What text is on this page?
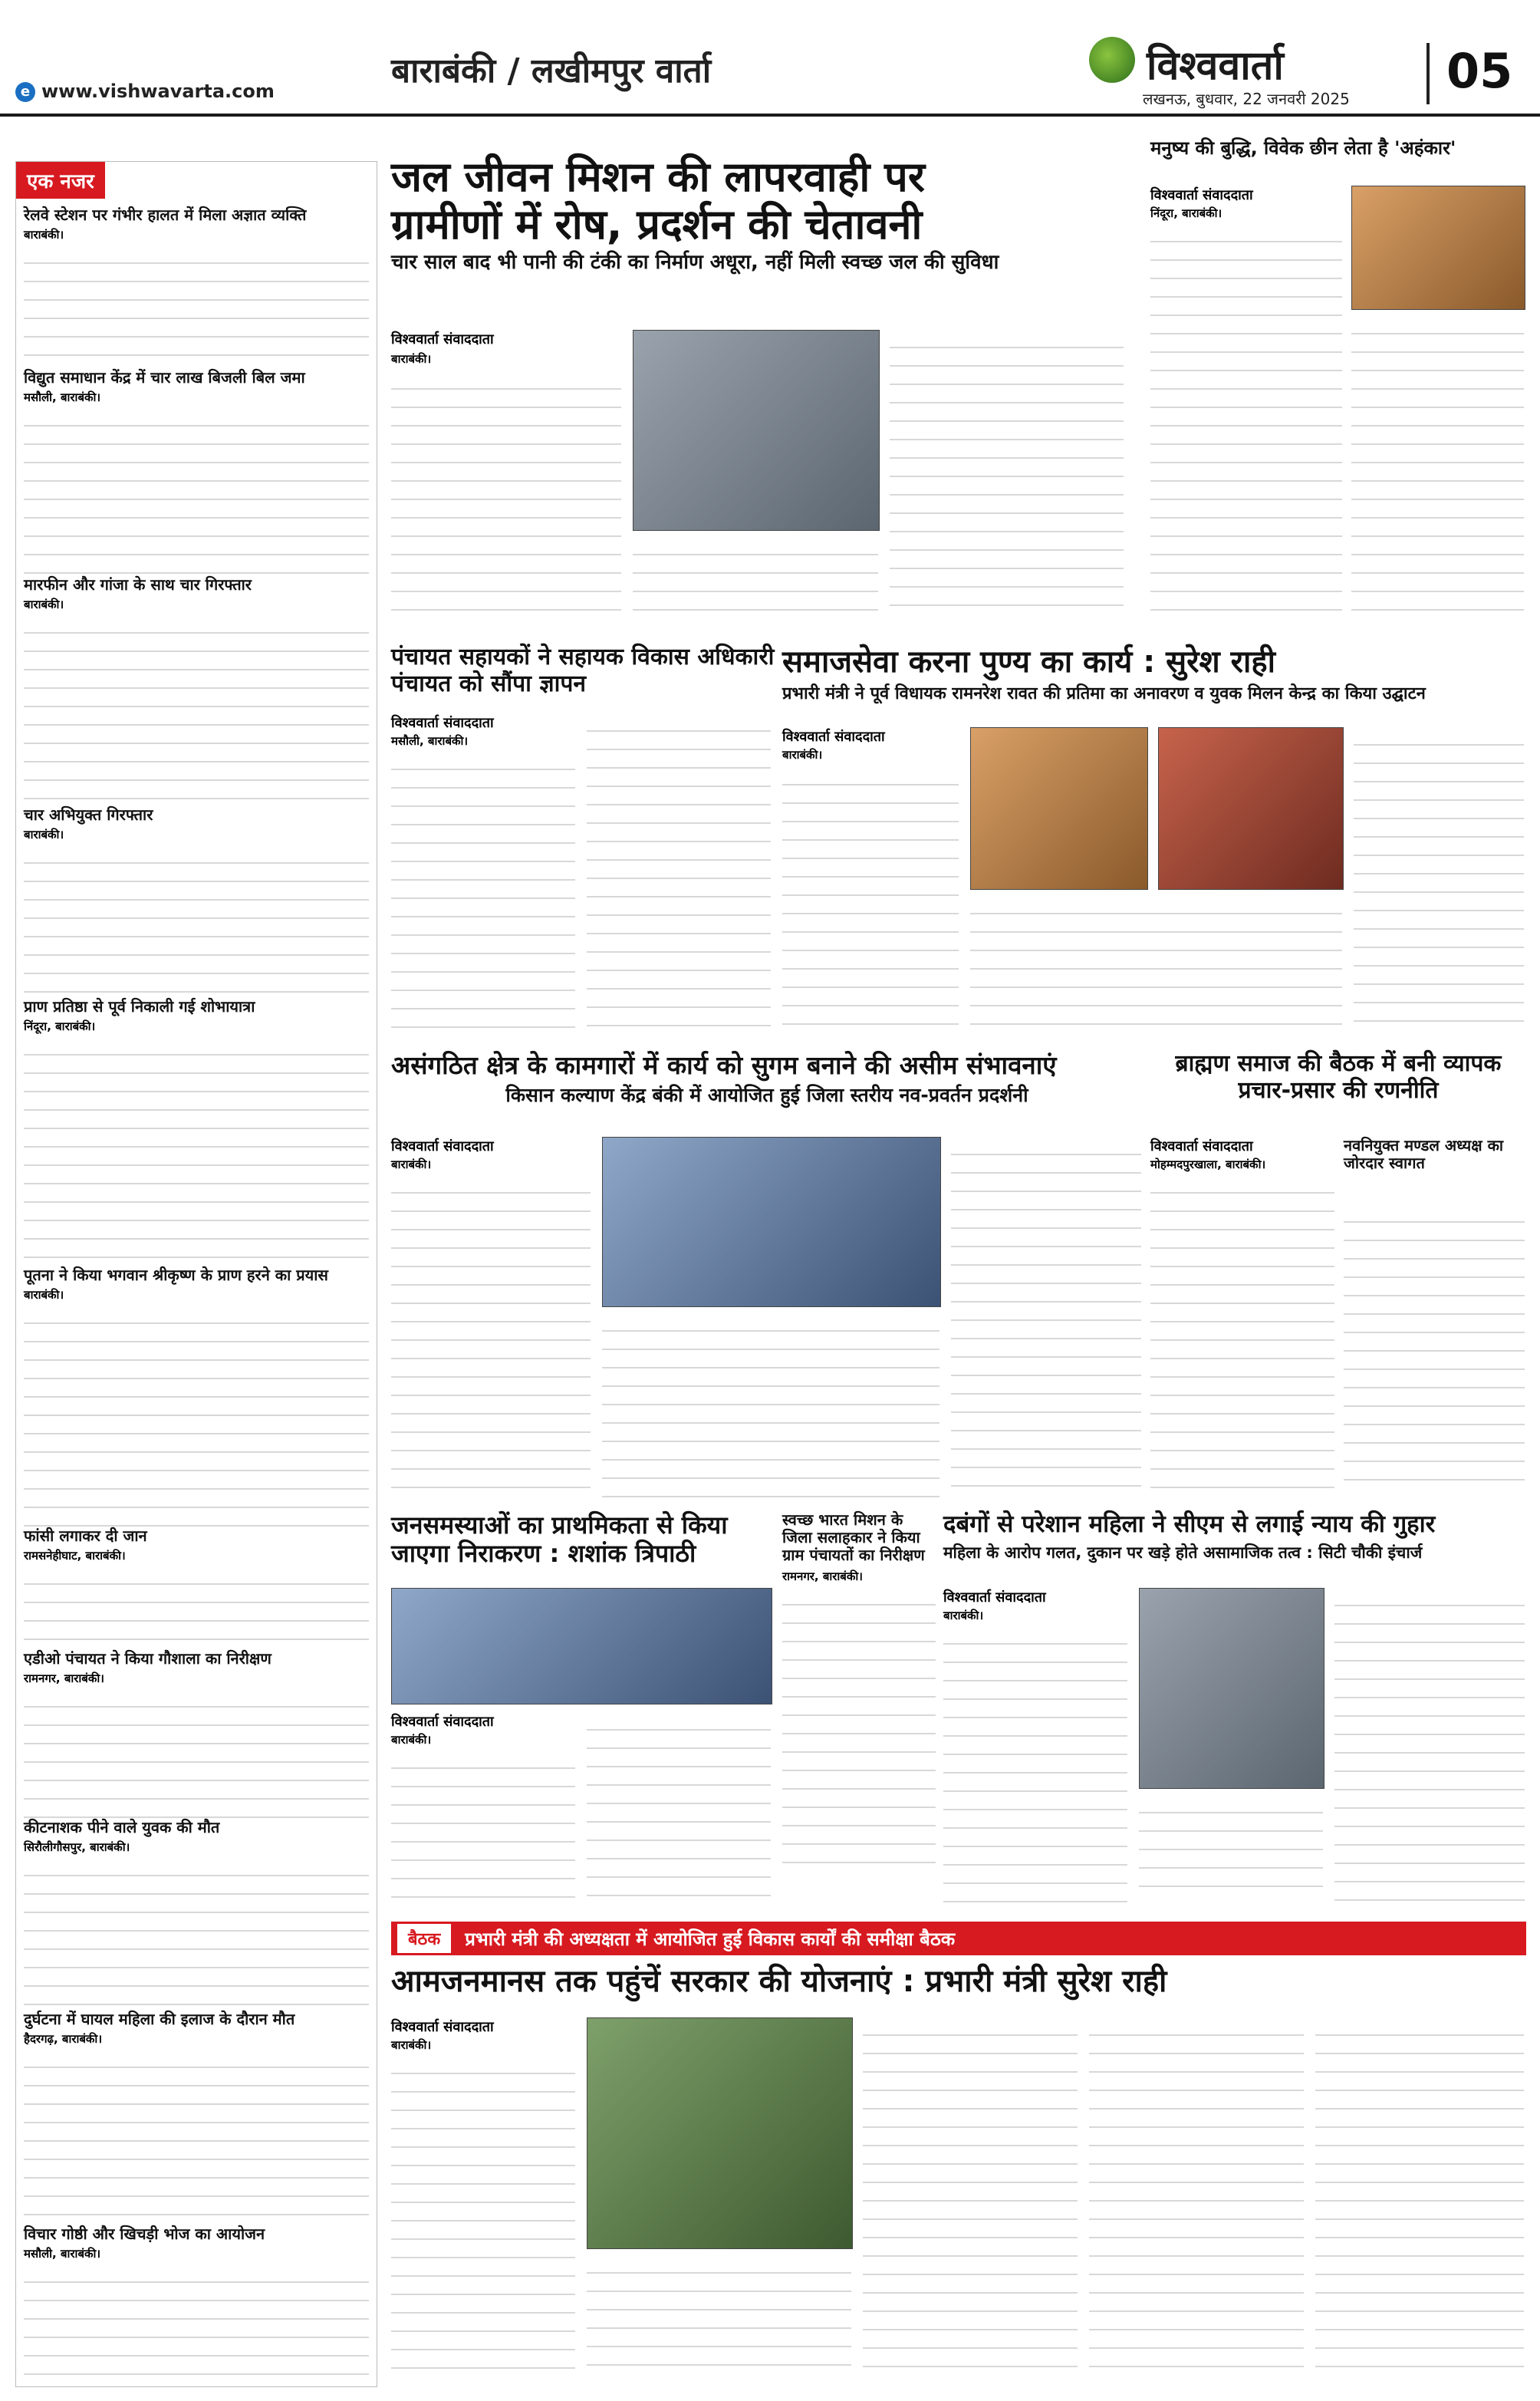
e www.vishwavarta.com
बाराबंकी / लखीमपुर वार्ता	विश्ववार्ता
लखनऊ, बुधवार, 22 जनवरी 2025	05
एक नजर
रेलवे स्टेशन पर गंभीर हालत में मिला अज्ञात व्यक्ति
बाराबंकी।
विद्युत समाधान केंद्र में चार लाख बिजली बिल जमा
मसौली, बाराबंकी।
मारफीन और गांजा के साथ चार गिरफ्तार
बाराबंकी।
चार अभियुक्त गिरफ्तार
बाराबंकी।
प्राण प्रतिष्ठा से पूर्व निकाली गई शोभायात्रा
निंदूरा, बाराबंकी।
पूतना ने किया भगवान श्रीकृष्ण के प्राण हरने का प्रयास
बाराबंकी।
फांसी लगाकर दी जान
रामसनेहीघाट, बाराबंकी।
एडीओ पंचायत ने किया गौशाला का निरीक्षण
रामनगर, बाराबंकी।
कीटनाशक पीने वाले युवक की मौत
सिरौलीगौसपुर, बाराबंकी।
दुर्घटना में घायल महिला की इलाज के दौरान मौत
हैदरगढ़, बाराबंकी।
विचार गोष्ठी और खिचड़ी भोज का आयोजन
मसौली, बाराबंकी।
जल जीवन मिशन की लापरवाही पर
ग्रामीणों में रोष, प्रदर्शन की चेतावनी
चार साल बाद भी पानी की टंकी का निर्माण अधूरा, नहीं मिली स्वच्छ जल की सुविधा
विश्ववार्ता संवाददाता
बाराबंकी।
मनुष्य की बुद्धि, विवेक छीन लेता है 'अहंकार'
विश्ववार्ता संवाददाता
निंदूरा, बाराबंकी।
पंचायत सहायकों ने सहायक विकास अधिकारी पंचायत को सौंपा ज्ञापन
विश्ववार्ता संवाददाता
मसौली, बाराबंकी।
समाजसेवा करना पुण्य का कार्य : सुरेश राही
प्रभारी मंत्री ने पूर्व विधायक रामनरेश रावत की प्रतिमा का अनावरण व युवक मिलन केन्द्र का किया उद्घाटन
विश्ववार्ता संवाददाता
बाराबंकी।
असंगठित क्षेत्र के कामगारों में कार्य को सुगम बनाने की असीम संभावनाएं
किसान कल्याण केंद्र बंकी में आयोजित हुई जिला स्तरीय नव-प्रवर्तन प्रदर्शनी
विश्ववार्ता संवाददाता
बाराबंकी।
ब्राह्मण समाज की बैठक में बनी व्यापक प्रचार-प्रसार की रणनीति
विश्ववार्ता संवाददाता
मोहम्मदपुरखाला, बाराबंकी।
नवनियुक्त मण्डल अध्यक्ष का जोरदार स्वागत
जनसमस्याओं का प्राथमिकता से किया जाएगा निराकरण : शशांक त्रिपाठी
विश्ववार्ता संवाददाता
बाराबंकी।
स्वच्छ भारत मिशन के जिला सलाहकार ने किया ग्राम पंचायतों का निरीक्षण
रामनगर, बाराबंकी।
दबंगों से परेशान महिला ने सीएम से लगाई न्याय की गुहार
महिला के आरोप गलत, दुकान पर खड़े होते असामाजिक तत्व : सिटी चौकी इंचार्ज
विश्ववार्ता संवाददाता
बाराबंकी।
बैठक	प्रभारी मंत्री की अध्यक्षता में आयोजित हुई विकास कार्यों की समीक्षा बैठक
आमजनमानस तक पहुंचें सरकार की योजनाएं : प्रभारी मंत्री सुरेश राही
विश्ववार्ता संवाददाता
बाराबंकी।
